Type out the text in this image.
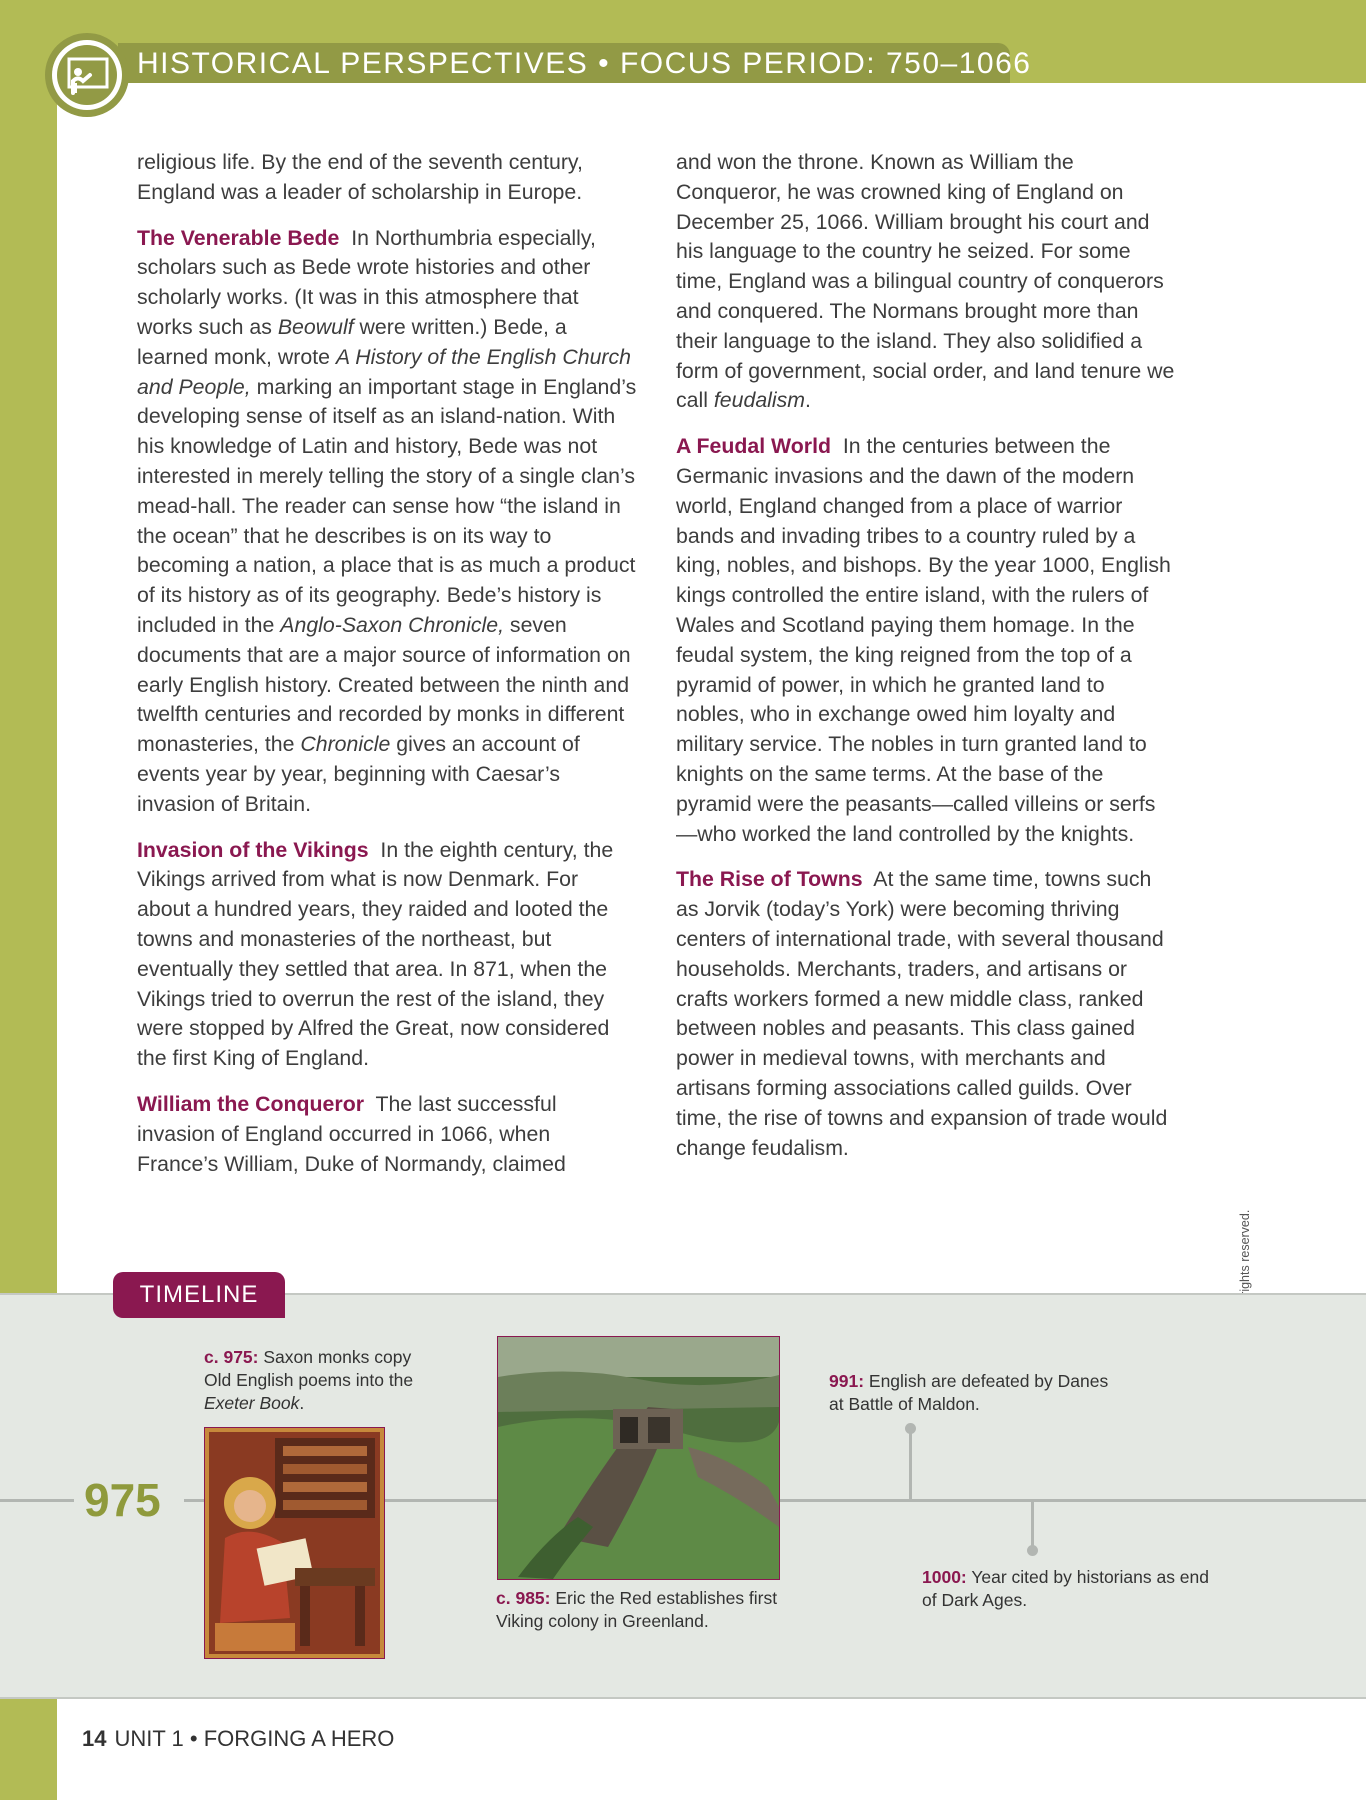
HISTORICAL PERSPECTIVES • FOCUS PERIOD: 750–1066

religious life. By the end of the seventh century, England was a leader of scholarship in Europe.

The Venerable Bede In Northumbria especially, scholars such as Bede wrote histories and other scholarly works. (It was in this atmosphere that works such as Beowulf were written.) Bede, a learned monk, wrote A History of the English Church and People, marking an important stage in England’s developing sense of itself as an island-nation. With his knowledge of Latin and history, Bede was not interested in merely telling the story of a single clan’s mead-hall. The reader can sense how “the island in the ocean” that he describes is on its way to becoming a nation, a place that is as much a product of its history as of its geography. Bede’s history is included in the Anglo-Saxon Chronicle, seven documents that are a major source of information on early English history. Created between the ninth and twelfth centuries and recorded by monks in different monasteries, the Chronicle gives an account of events year by year, beginning with Caesar’s invasion of Britain.

Invasion of the Vikings In the eighth century, the Vikings arrived from what is now Denmark. For about a hundred years, they raided and looted the towns and monasteries of the northeast, but eventually they settled that area. In 871, when the Vikings tried to overrun the rest of the island, they were stopped by Alfred the Great, now considered the first King of England.

William the Conqueror The last successful invasion of England occurred in 1066, when France’s William, Duke of Normandy, claimed

and won the throne. Known as William the Conqueror, he was crowned king of England on December 25, 1066. William brought his court and his language to the country he seized. For some time, England was a bilingual country of conquerors and conquered. The Normans brought more than their language to the island. They also solidified a form of government, social order, and land tenure we call feudalism.

A Feudal World In the centuries between the Germanic invasions and the dawn of the modern world, England changed from a place of warrior bands and invading tribes to a country ruled by a king, nobles, and bishops. By the year 1000, English kings controlled the entire island, with the rulers of Wales and Scotland paying them homage. In the feudal system, the king reigned from the top of a pyramid of power, in which he granted land to nobles, who in exchange owed him loyalty and military service. The nobles in turn granted land to knights on the same terms. At the base of the pyramid were the peasants—called villeins or serfs—who worked the land controlled by the knights.

The Rise of Towns At the same time, towns such as Jorvik (today’s York) were becoming thriving centers of international trade, with several thousand households. Merchants, traders, and artisans or crafts workers formed a new middle class, ranked between nobles and peasants. This class gained power in medieval towns, with merchants and artisans forming associations called guilds. Over time, the rise of towns and expansion of trade would change feudalism.

TIMELINE
975
c. 975: Saxon monks copy Old English poems into the Exeter Book.
c. 985: Eric the Red establishes first Viking colony in Greenland.
991: English are defeated by Danes at Battle of Maldon.
1000: Year cited by historians as end of Dark Ages.
14 UNIT 1 • FORGING A HERO
